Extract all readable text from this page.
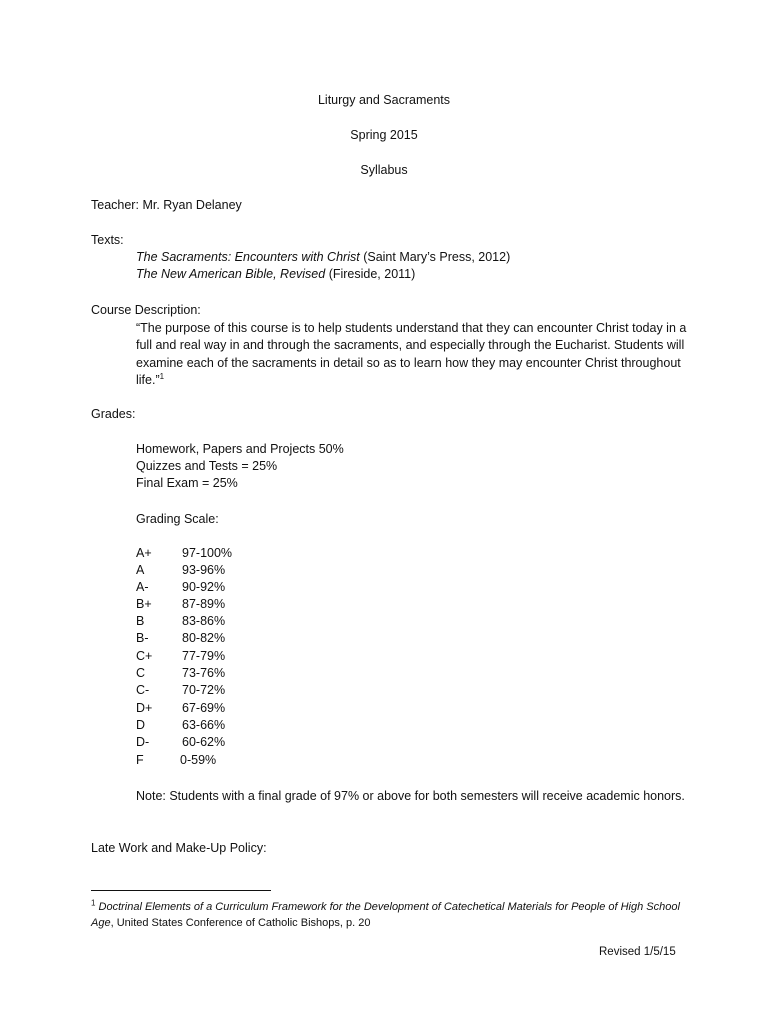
Liturgy and Sacraments
Spring 2015
Syllabus
Teacher: Mr. Ryan Delaney
Texts:
The Sacraments: Encounters with Christ (Saint Mary’s Press, 2012)
The New American Bible, Revised (Fireside, 2011)
Course Description:
“The purpose of this course is to help students understand that they can encounter Christ today in a full and real way in and through the sacraments, and especially through the Eucharist. Students will examine each of the sacraments in detail so as to learn how they may encounter Christ throughout life.”$^1$
Grades:
Homework, Papers and Projects 50%
Quizzes and Tests = 25%
Final Exam = 25%
Grading Scale:
A+ 97-100%
A	93-96%
A-	90-92%
B+ 87-89%
B	83-86%
B-	80-82%
C+ 77-79%
C	73-76%
C-	70-72%
D+ 67-69%
D	63-66%
D-	60-62%
F	0-59%
Note: Students with a final grade of 97% or above for both semesters will receive academic honors.
Late Work and Make-Up Policy:
$^1$ Doctrinal Elements of a Curriculum Framework for the Development of Catechetical Materials for People of High School Age, United States Conference of Catholic Bishops, p. 20
Revised 1/5/15
